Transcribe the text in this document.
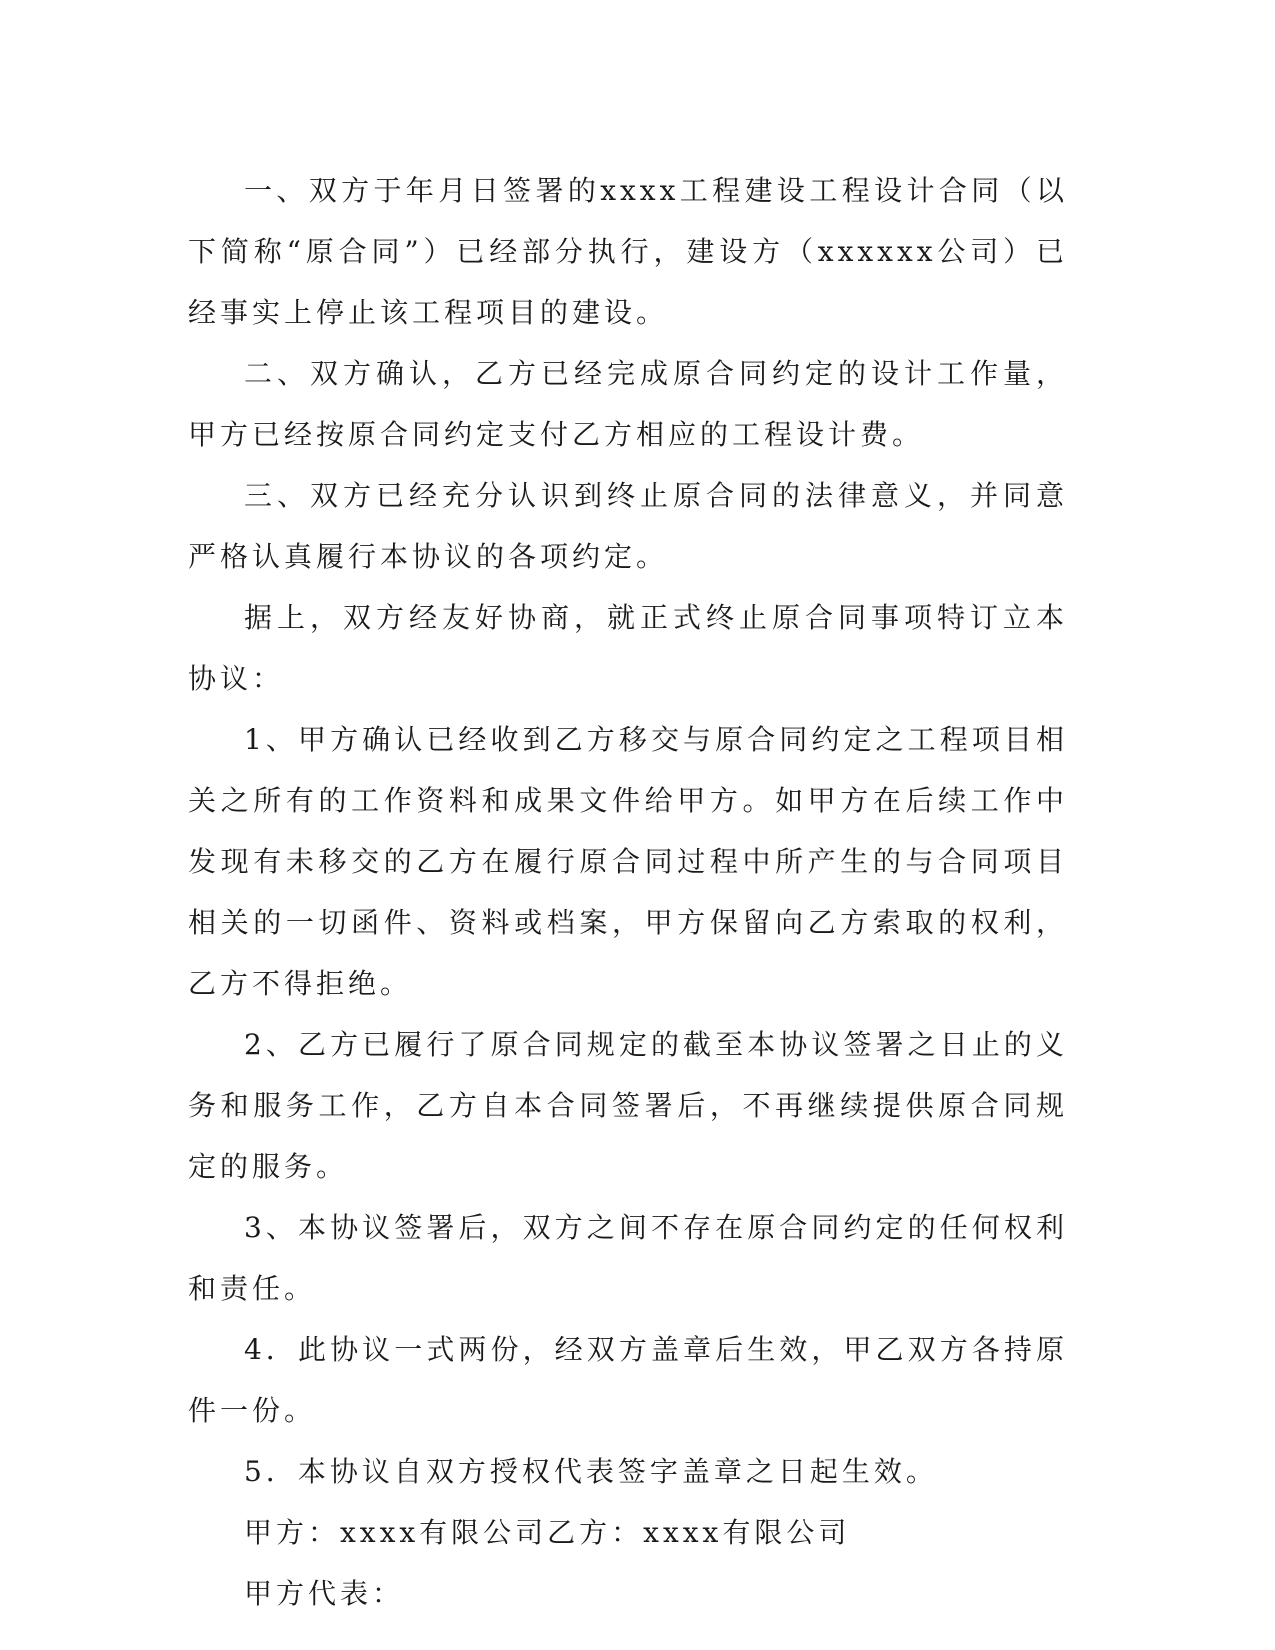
一、双方于年月日签署的xxxx工程建设工程设计合同（以下简称“原合同”）已经部分执行，建设方（xxxxxx公司）已经事实上停止该工程项目的建设。

二、双方确认，乙方已经完成原合同约定的设计工作量，甲方已经按原合同约定支付乙方相应的工程设计费。

三、双方已经充分认识到终止原合同的法律意义，并同意严格认真履行本协议的各项约定。

据上，双方经友好协商，就正式终止原合同事项特订立本协议：

1、甲方确认已经收到乙方移交与原合同约定之工程项目相关之所有的工作资料和成果文件给甲方。如甲方在后续工作中发现有未移交的乙方在履行原合同过程中所产生的与合同项目相关的一切函件、资料或档案，甲方保留向乙方索取的权利，乙方不得拒绝。

2、乙方已履行了原合同规定的截至本协议签署之日止的义务和服务工作，乙方自本合同签署后，不再继续提供原合同规定的服务。

3、本协议签署后，双方之间不存在原合同约定的任何权利和责任。

4．此协议一式两份，经双方盖章后生效，甲乙双方各持原件一份。

5．本协议自双方授权代表签字盖章之日起生效。

甲方：xxxx有限公司乙方：xxxx有限公司

甲方代表：
